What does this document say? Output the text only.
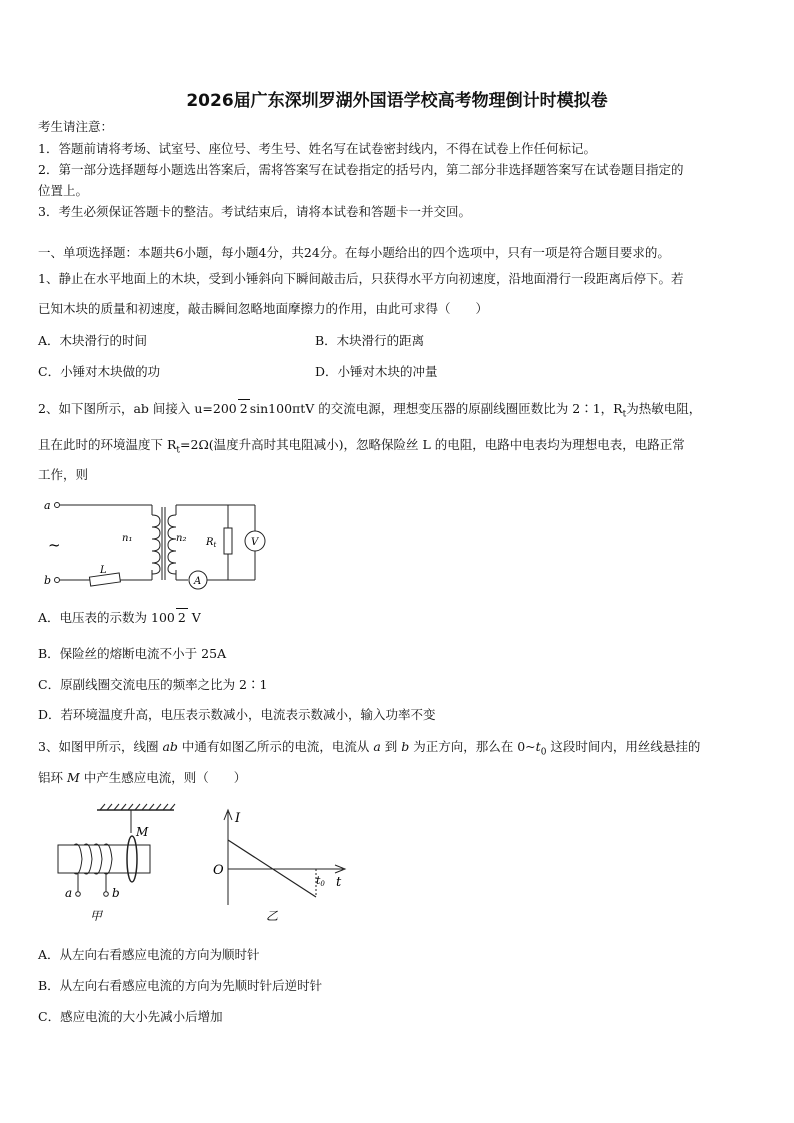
2026届广东深圳罗湖外国语学校高考物理倒计时模拟卷
考生请注意：
1．答题前请将考场、试室号、座位号、考生号、姓名写在试卷密封线内，不得在试卷上作任何标记。
2．第一部分选择题每小题选出答案后，需将答案写在试卷指定的括号内，第二部分非选择题答案写在试卷题目指定的
位置上。
3．考生必须保证答题卡的整洁。考试结束后，请将本试卷和答题卡一并交回。
一、单项选择题：本题共6小题，每小题4分，共24分。在每小题给出的四个选项中，只有一项是符合题目要求的。
1、静止在水平地面上的木块，受到小锤斜向下瞬间敲击后，只获得水平方向初速度，沿地面滑行一段距离后停下。若
已知木块的质量和初速度，敲击瞬间忽略地面摩擦力的作用，由此可求得（　　）
A．木块滑行的时间	B．木块滑行的距离
C．小锤对木块做的功	D．小锤对木块的冲量
2、如下图所示，ab 间接入 u=200 2 sin100πtV 的交流电源，理想变压器的原副线圈匝数比为 2∶1，$R_t$为热敏电阻，
且在此时的环境温度下 $R_t=2\Omega$(温度升高时其电阻减小)，忽略保险丝 L 的电阻，电路中电表均为理想电表，电路正常
工作，则
a
b
~
L
n₁	n₂
A
$R_t$	V
A．电压表的示数为 100 2 V
B．保险丝的熔断电流不小于 25A
C．原副线圈交流电压的频率之比为 2∶1
D．若环境温度升高，电压表示数减小，电流表示数减小，输入功率不变
3、如图甲所示，线圈 ab 中通有如图乙所示的电流，电流从 a 到 b 为正方向，那么在 $0\sim t_0$ 这段时间内，用丝线悬挂的
铝环 M 中产生感应电流，则（　　）
M
a	b
甲
I
t
O
t0
乙
A．从左向右看感应电流的方向为顺时针
B．从左向右看感应电流的方向为先顺时针后逆时针
C．感应电流的大小先减小后增加
